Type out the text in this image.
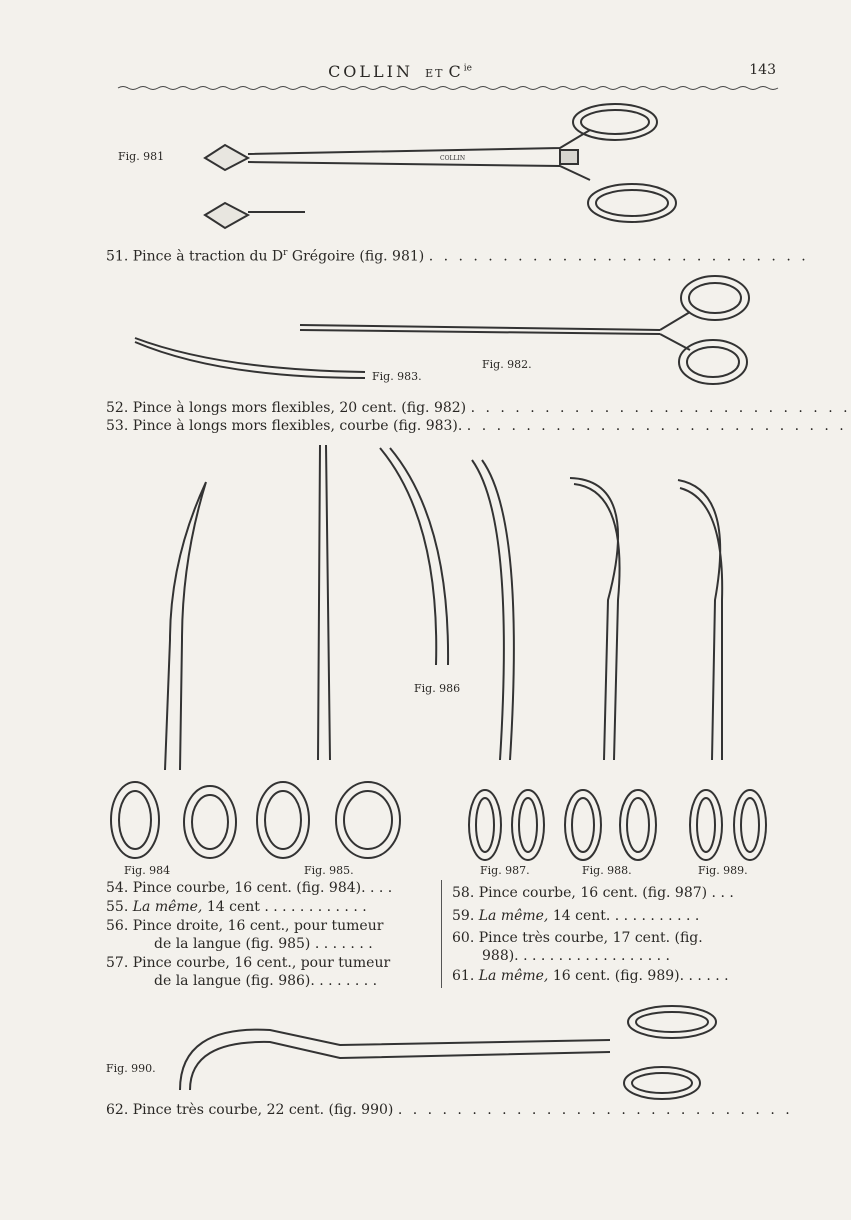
COLLIN ET $C^{ie}$	143
COLLIN
Fig. 981
Fig. 982.
Fig. 983.
Fig. 986
Fig. 984	Fig. 985.	Fig. 987.	Fig. 988.	Fig. 989.
Fig. 990.
51. Pince à traction du $D^r$ Grégoire (fig. 981) . . . . . . . . . . . . . . . . . . . . . . . . . .
52. Pince à longs mors flexibles, 20 cent. (fig. 982) . . . . . . . . . . . . . . . . . . . . . . . . . .
53. Pince à longs mors flexibles, courbe (fig. 983). . . . . . . . . . . . . . . . . . . . . . . . . . .
54. Pince courbe, 16 cent. (fig. 984). . . .
55. La même, 14 cent . . . . . . . . . . . .
56. Pince droite, 16 cent., pour tumeur
de la langue (fig. 985) . . . . . . .
57. Pince courbe, 16 cent., pour tumeur
de la langue (fig. 986). . . . . . . .
58. Pince courbe, 16 cent. (fig. 987) . . .
59. La même, 14 cent. . . . . . . . . . .
60. Pince très courbe, 17 cent. (fig.
988). . . . . . . . . . . . . . . . . .
61. La même, 16 cent. (fig. 989). . . . . .
62. Pince très courbe, 22 cent. (fig. 990) . . . . . . . . . . . . . . . . . . . . . . . . . . .
